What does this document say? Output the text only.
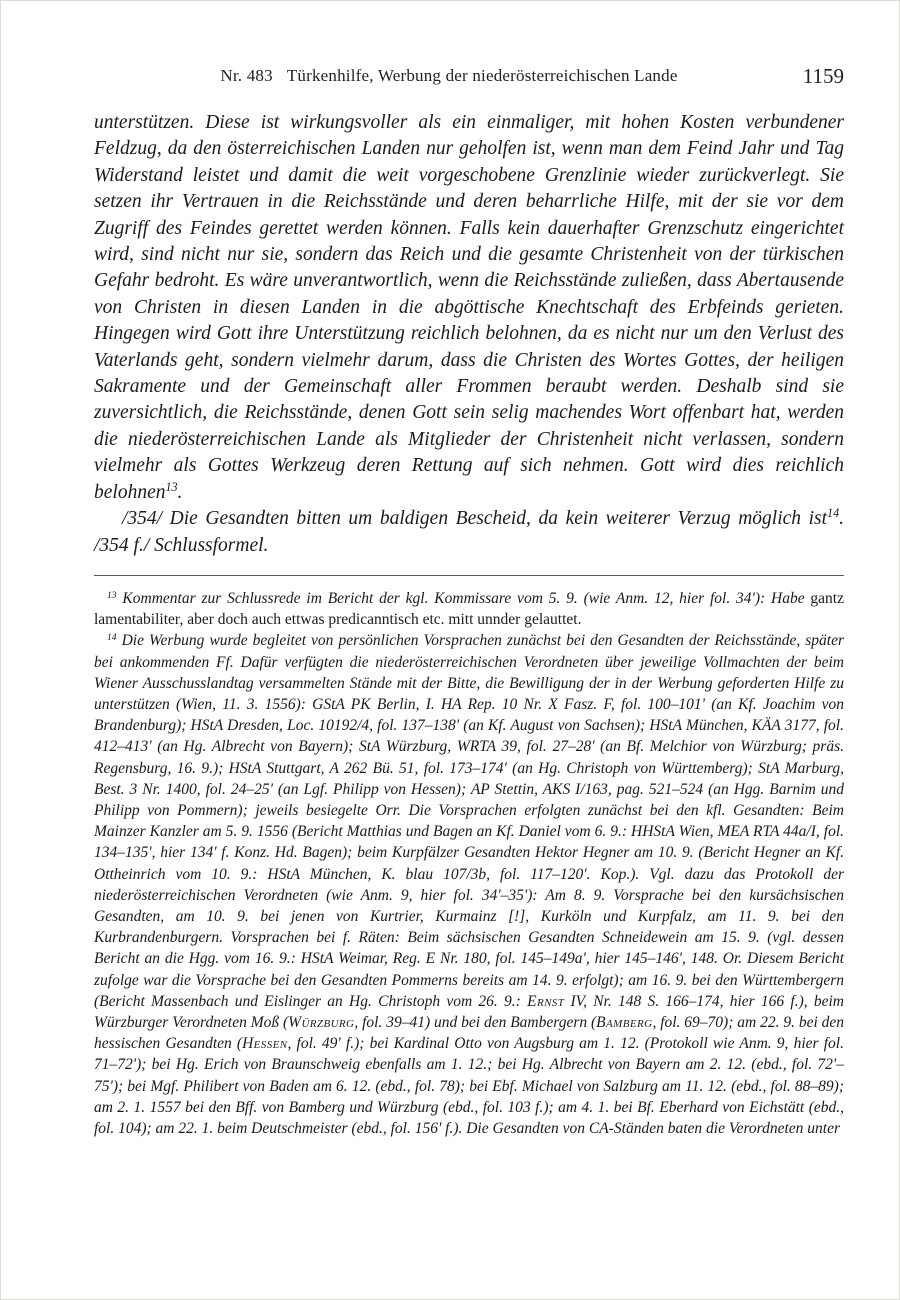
Nr. 483 Türkenhilfe, Werbung der niederösterreichischen Lande	1159

unterstützen. Diese ist wirkungsvoller als ein einmaliger, mit hohen Kosten verbundener Feldzug, da den österreichischen Landen nur geholfen ist, wenn man dem Feind Jahr und Tag Widerstand leistet und damit die weit vorgeschobene Grenzlinie wieder zurückverlegt. Sie setzen ihr Vertrauen in die Reichsstände und deren beharrliche Hilfe, mit der sie vor dem Zugriff des Feindes gerettet werden können. Falls kein dauerhafter Grenzschutz eingerichtet wird, sind nicht nur sie, sondern das Reich und die gesamte Christenheit von der türkischen Gefahr bedroht. Es wäre unverantwortlich, wenn die Reichsstände zuließen, dass Abertausende von Christen in diesen Landen in die abgöttische Knechtschaft des Erbfeinds gerieten. Hingegen wird Gott ihre Unterstützung reichlich belohnen, da es nicht nur um den Verlust des Vaterlands geht, sondern vielmehr darum, dass die Christen des Wortes Gottes, der heiligen Sakramente und der Gemeinschaft aller Frommen beraubt werden. Deshalb sind sie zuversichtlich, die Reichsstände, denen Gott sein selig machendes Wort offenbart hat, werden die niederösterreichischen Lande als Mitglieder der Christenheit nicht verlassen, sondern vielmehr als Gottes Werkzeug deren Rettung auf sich nehmen. Gott wird dies reichlich belohnen$^{13}$.

/354/ Die Gesandten bitten um baldigen Bescheid, da kein weiterer Verzug möglich ist$^{14}$. /354 f./ Schlussformel.

$^{13}$ Kommentar zur Schlussrede im Bericht der kgl. Kommissare vom 5. 9. (wie Anm. 12, hier fol. 34'): Habe gantz lamentabiliter, aber doch auch ettwas predicanntisch etc. mitt unnder gelauttet.

$^{14}$ Die Werbung wurde begleitet von persönlichen Vorsprachen zunächst bei den Gesandten der Reichsstände, später bei ankommenden Ff. Dafür verfügten die niederösterreichischen Verordneten über jeweilige Vollmachten der beim Wiener Ausschusslandtag versammelten Stände mit der Bitte, die Bewilligung der in der Werbung geforderten Hilfe zu unterstützen (Wien, 11. 3. 1556): GStA PK Berlin, I. HA Rep. 10 Nr. X Fasz. F, fol. 100–101' (an Kf. Joachim von Brandenburg); HStA Dresden, Loc. 10192/4, fol. 137–138' (an Kf. August von Sachsen); HStA München, KÄA 3177, fol. 412–413' (an Hg. Albrecht von Bayern); StA Würzburg, WRTA 39, fol. 27–28' (an Bf. Melchior von Würzburg; präs. Regensburg, 16. 9.); HStA Stuttgart, A 262 Bü. 51, fol. 173–174' (an Hg. Christoph von Württemberg); StA Marburg, Best. 3 Nr. 1400, fol. 24–25' (an Lgf. Philipp von Hessen); AP Stettin, AKS I/163, pag. 521–524 (an Hgg. Barnim und Philipp von Pommern); jeweils besiegelte Orr. Die Vorsprachen erfolgten zunächst bei den kfl. Gesandten: Beim Mainzer Kanzler am 5. 9. 1556 (Bericht Matthias und Bagen an Kf. Daniel vom 6. 9.: HHStA Wien, MEA RTA 44a/I, fol. 134–135', hier 134' f. Konz. Hd. Bagen); beim Kurpfälzer Gesandten Hektor Hegner am 10. 9. (Bericht Hegner an Kf. Ottheinrich vom 10. 9.: HStA München, K. blau 107/3b, fol. 117–120'. Kop.). Vgl. dazu das Protokoll der niederösterreichischen Verordneten (wie Anm. 9, hier fol. 34'–35'): Am 8. 9. Vorsprache bei den kursächsischen Gesandten, am 10. 9. bei jenen von Kurtrier, Kurmainz [!], Kurköln und Kurpfalz, am 11. 9. bei den Kurbrandenburgern. Vorsprachen bei f. Räten: Beim sächsischen Gesandten Schneidewein am 15. 9. (vgl. dessen Bericht an die Hgg. vom 16. 9.: HStA Weimar, Reg. E Nr. 180, fol. 145–149a', hier 145–146', 148. Or. Diesem Bericht zufolge war die Vorsprache bei den Gesandten Pommerns bereits am 14. 9. erfolgt); am 16. 9. bei den Württembergern (Bericht Massenbach und Eislinger an Hg. Christoph vom 26. 9.: Ernst IV, Nr. 148 S. 166–174, hier 166 f.), beim Würzburger Verordneten Moß (Würzburg, fol. 39–41) und bei den Bambergern (Bamberg, fol. 69–70); am 22. 9. bei den hessischen Gesandten (Hessen, fol. 49' f.); bei Kardinal Otto von Augsburg am 1. 12. (Protokoll wie Anm. 9, hier fol. 71–72'); bei Hg. Erich von Braunschweig ebenfalls am 1. 12.; bei Hg. Albrecht von Bayern am 2. 12. (ebd., fol. 72'–75'); bei Mgf. Philibert von Baden am 6. 12. (ebd., fol. 78); bei Ebf. Michael von Salzburg am 11. 12. (ebd., fol. 88–89); am 2. 1. 1557 bei den Bff. von Bamberg und Würzburg (ebd., fol. 103 f.); am 4. 1. bei Bf. Eberhard von Eichstätt (ebd., fol. 104); am 22. 1. beim Deutschmeister (ebd., fol. 156' f.). Die Gesandten von CA-Ständen baten die Verordneten unter
